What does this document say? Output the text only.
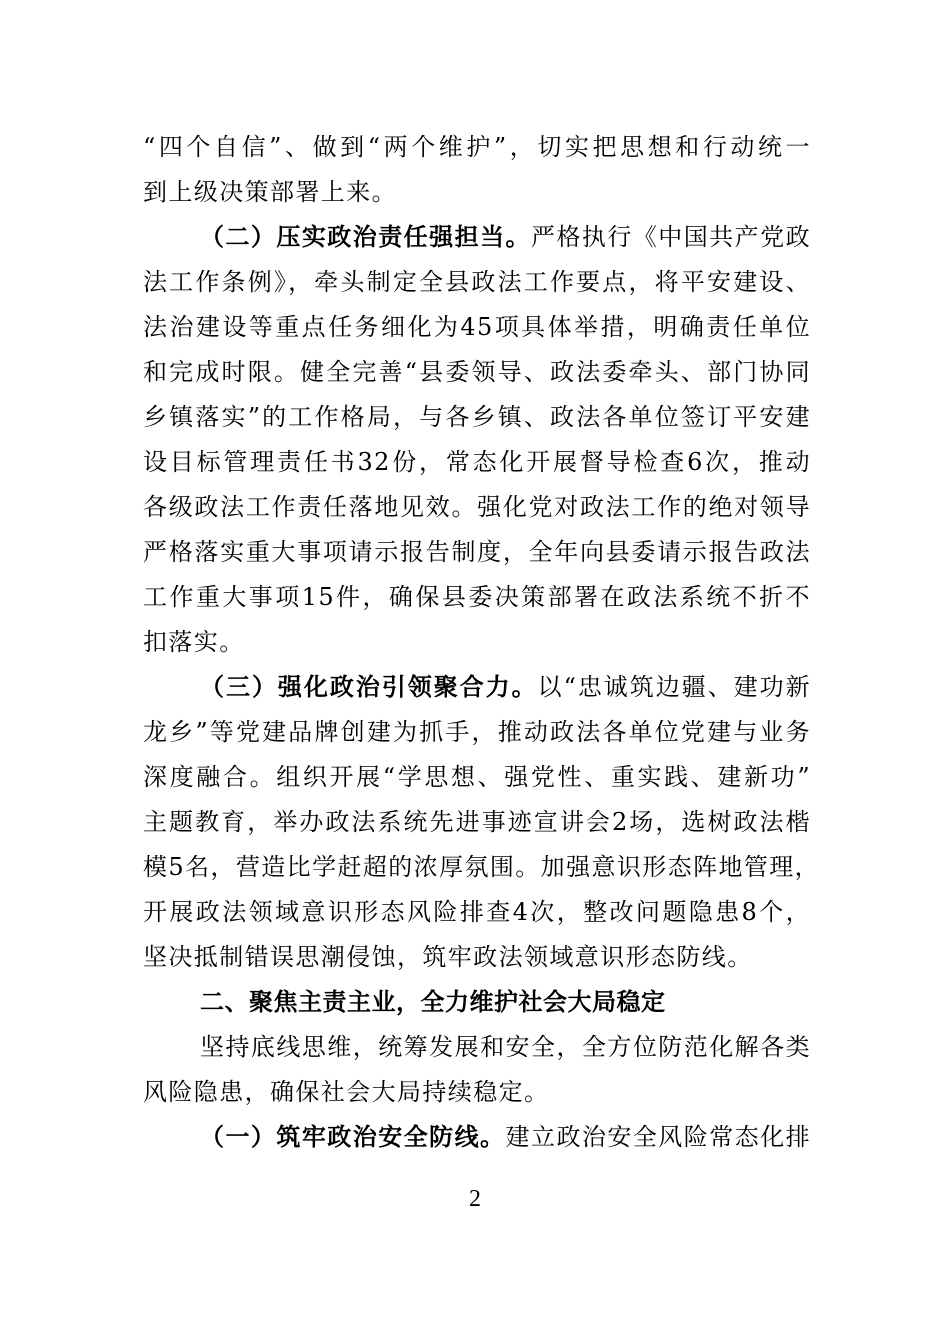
“四个自信”、做到“两个维护”，切实把思想和行动统一
到上级决策部署上来。
（二）压实政治责任强担当。严格执行《中国共产党政
法工作条例》，牵头制定全县政法工作要点，将平安建设、
法治建设等重点任务细化为45项具体举措，明确责任单位
和完成时限。健全完善“县委领导、政法委牵头、部门协同
乡镇落实”的工作格局，与各乡镇、政法各单位签订平安建
设目标管理责任书32份，常态化开展督导检查6次，推动
各级政法工作责任落地见效。强化党对政法工作的绝对领导
严格落实重大事项请示报告制度，全年向县委请示报告政法
工作重大事项15件，确保县委决策部署在政法系统不折不
扣落实。
（三）强化政治引领聚合力。以“忠诚筑边疆、建功新
龙乡”等党建品牌创建为抓手，推动政法各单位党建与业务
深度融合。组织开展“学思想、强党性、重实践、建新功”
主题教育，举办政法系统先进事迹宣讲会2场，选树政法楷
模5名，营造比学赶超的浓厚氛围。加强意识形态阵地管理，
开展政法领域意识形态风险排查4次，整改问题隐患8个，
坚决抵制错误思潮侵蚀，筑牢政法领域意识形态防线。
二、聚焦主责主业，全力维护社会大局稳定
坚持底线思维，统筹发展和安全，全方位防范化解各类
风险隐患，确保社会大局持续稳定。
（一）筑牢政治安全防线。建立政治安全风险常态化排
2
